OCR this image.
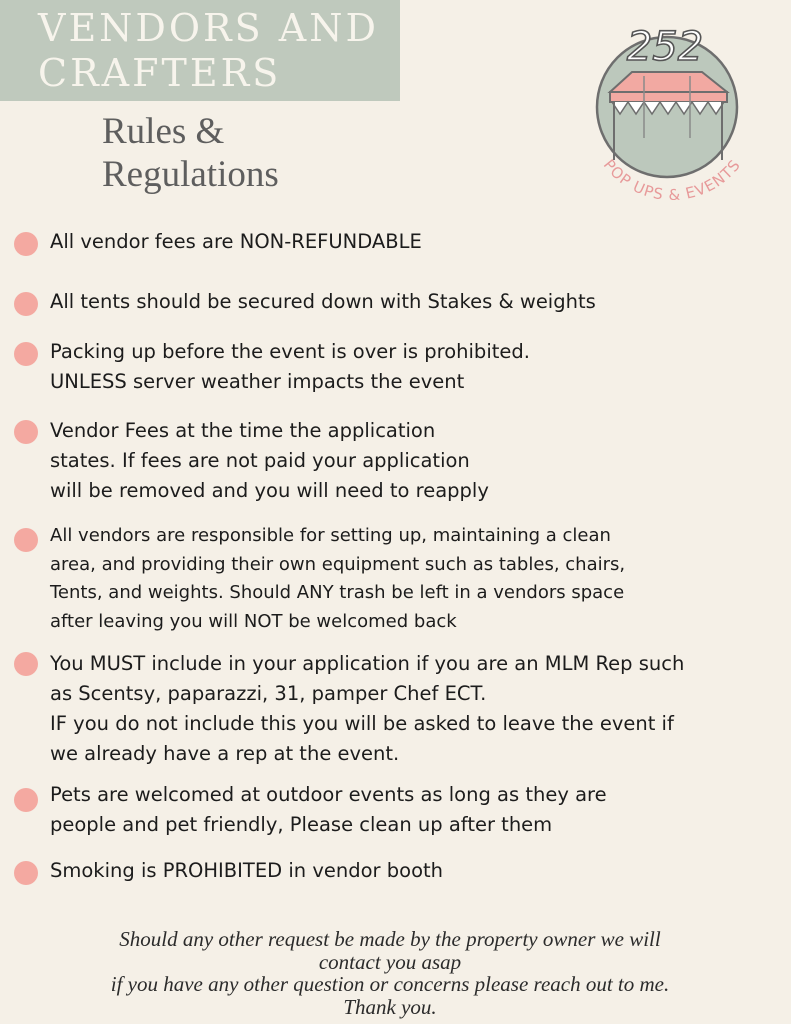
VENDORS AND CRAFTERS
Rules & Regulations
252
POP UPS & EVENTS

All vendor fees are NON-REFUNDABLE

All tents should be secured down with Stakes & weights

Packing up before the event is over is prohibited.
UNLESS server weather impacts the event

Vendor Fees at the time the application
states. If fees are not paid your application
will be removed and you will need to reapply

All vendors are responsible for setting up, maintaining a clean
area, and providing their own equipment such as tables, chairs,
Tents, and weights. Should ANY trash be left in a vendors space
after leaving you will NOT be welcomed back

You MUST include in your application if you are an MLM Rep such
as Scentsy, paparazzi, 31, pamper Chef ECT.
IF you do not include this you will be asked to leave the event if
we already have a rep at the event.

Pets are welcomed at outdoor events as long as they are
people and pet friendly, Please clean up after them

Smoking is PROHIBITED in vendor booth

Should any other request be made by the property owner we will
contact you asap
if you have any other question or concerns please reach out to me.
Thank you.
